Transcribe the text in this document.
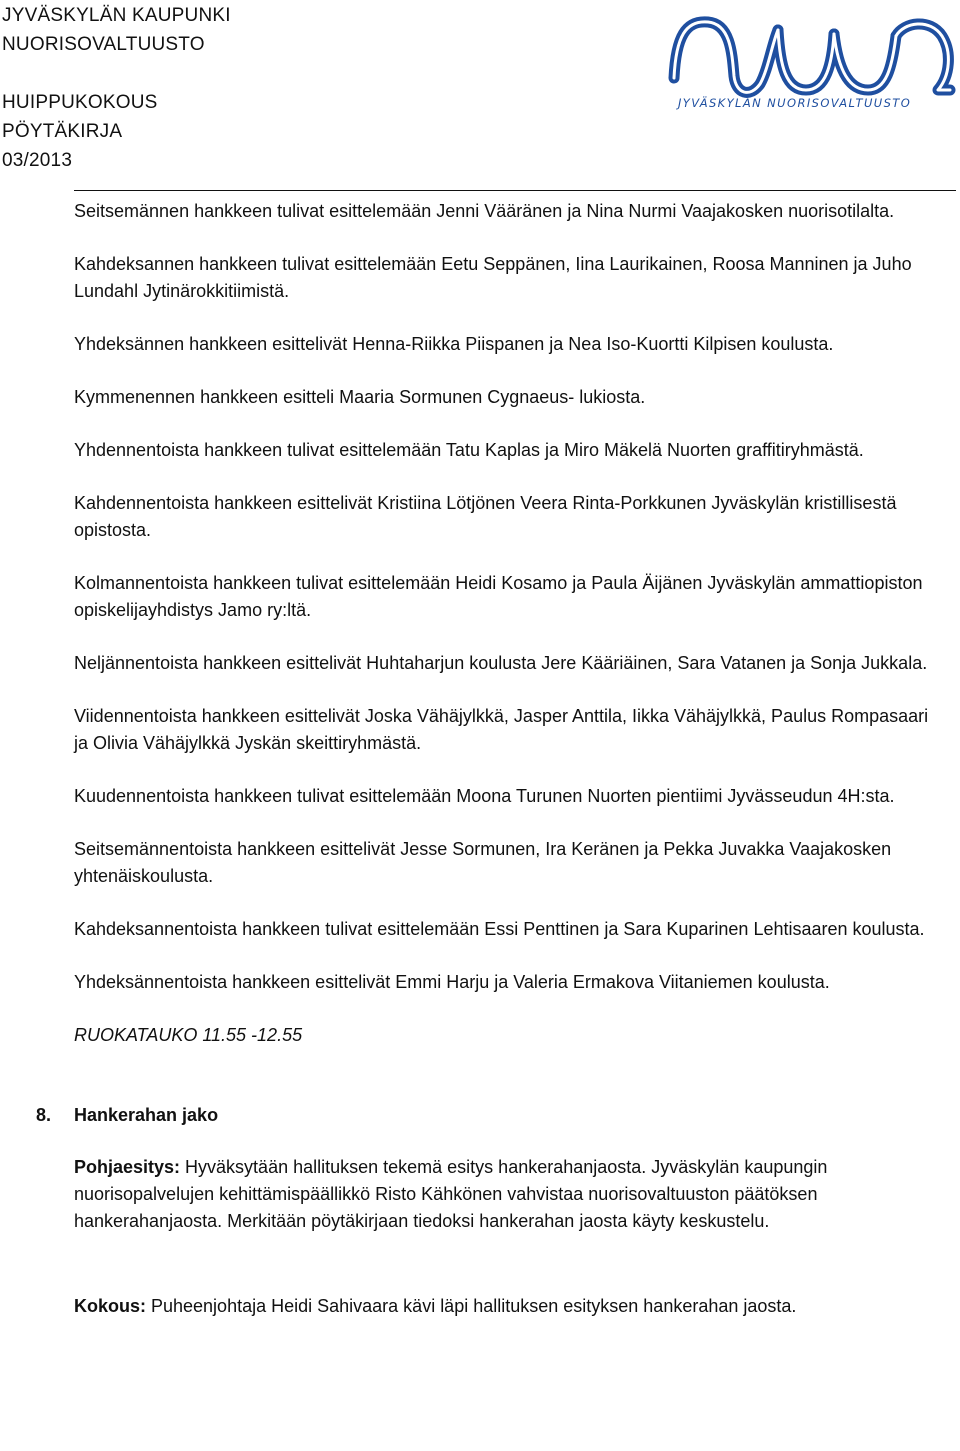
JYVÄSKYLÄN KAUPUNKI
NUORISOVALTUUSTO
HUIPPUKOKOUS
PÖYTÄKIRJA
03/2013
JYVÄSKYLÄN NUORISOVALTUUSTO

Seitsemännen hankkeen tulivat esittelemään Jenni Vääränen ja Nina Nurmi Vaajakosken nuorisotilalta.

Kahdeksannen hankkeen tulivat esittelemään Eetu Seppänen, Iina Laurikainen, Roosa Manninen ja Juho Lundahl Jytinärokkitiimistä.

Yhdeksännen hankkeen esittelivät Henna-Riikka Piispanen ja Nea Iso-Kuortti Kilpisen koulusta.

Kymmenennen hankkeen esitteli Maaria Sormunen Cygnaeus- lukiosta.

Yhdennentoista hankkeen tulivat esittelemään Tatu Kaplas ja Miro Mäkelä Nuorten graffitiryhmästä.

Kahdennentoista hankkeen esittelivät Kristiina Lötjönen Veera Rinta-Porkkunen Jyväskylän kristillisestä opistosta.

Kolmannentoista hankkeen tulivat esittelemään Heidi Kosamo ja Paula Äijänen Jyväskylän ammattiopiston opiskelijayhdistys Jamo ry:ltä.

Neljännentoista hankkeen esittelivät Huhtaharjun koulusta Jere Kääriäinen, Sara Vatanen ja Sonja Jukkala.

Viidennentoista hankkeen esittelivät Joska Vähäjylkkä, Jasper Anttila, Iikka Vähäjylkkä, Paulus Rompasaari ja Olivia Vähäjylkkä Jyskän skeittiryhmästä.

Kuudennentoista hankkeen tulivat esittelemään Moona Turunen Nuorten pientiimi Jyvässeudun 4H:sta.

Seitsemännentoista hankkeen esittelivät Jesse Sormunen, Ira Keränen ja Pekka Juvakka Vaajakosken yhtenäiskoulusta.

Kahdeksannentoista hankkeen tulivat esittelemään Essi Penttinen ja Sara Kuparinen Lehtisaaren koulusta.

Yhdeksännentoista hankkeen esittelivät Emmi Harju ja Valeria Ermakova Viitaniemen koulusta.

RUOKATAUKO 11.55 -12.55

8. Hankerahan jako

Pohjaesitys: Hyväksytään hallituksen tekemä esitys hankerahanjaosta. Jyväskylän kaupungin nuorisopalvelujen kehittämispäällikkö Risto Kähkönen vahvistaa nuorisovaltuuston päätöksen hankerahanjaosta. Merkitään pöytäkirjaan tiedoksi hankerahan jaosta käyty keskustelu.

Kokous: Puheenjohtaja Heidi Sahivaara kävi läpi hallituksen esityksen hankerahan jaosta.
